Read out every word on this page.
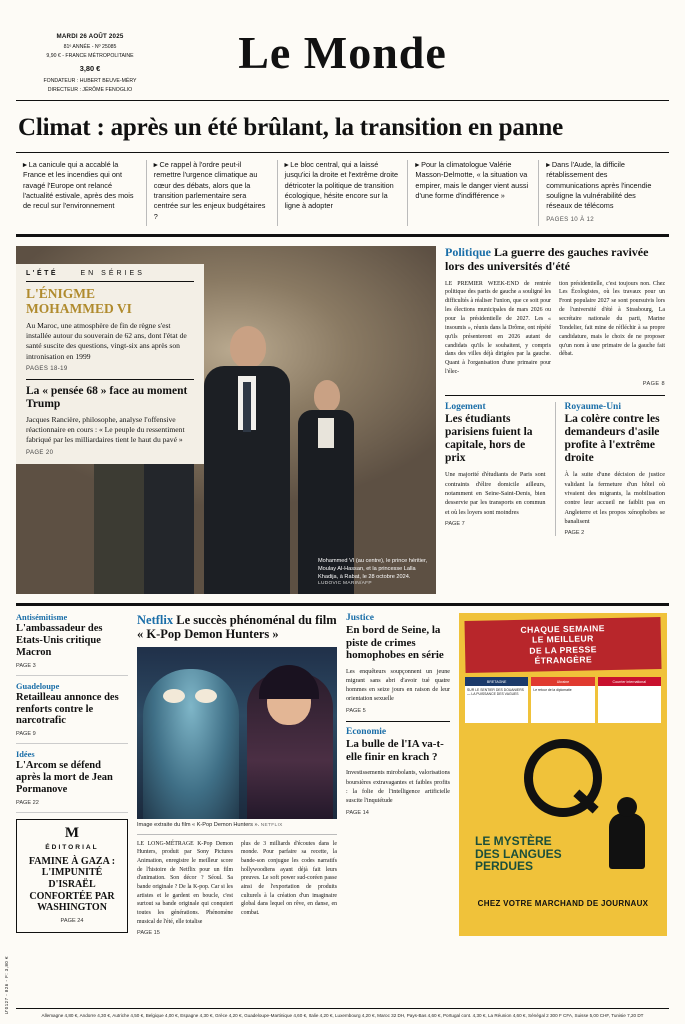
MARDI 26 AOÛT 2025
81ᵉ ANNÉE - Nº 25085
9,90 € - FRANCE MÉTROPOLITAINE
3,80 €
FONDATEUR : HUBERT BEUVE-MÉRY
DIRECTEUR : JÉRÔME FENOGLIO
Le Monde
Climat : après un été brûlant, la transition en panne
▸ La canicule qui a accablé la France et les incendies qui ont ravagé l'Europe ont relancé l'actualité estivale, après des mois de recul sur l'environnement
▸ Ce rappel à l'ordre peut-il remettre l'urgence climatique au cœur des débats, alors que la transition parlementaire sera centrée sur les enjeux budgétaires ?
▸ Le bloc central, qui a laissé jusqu'ici la droite et l'extrême droite détricoter la politique de transition écologique, hésite encore sur la ligne à adopter
▸ Pour la climatologue Valérie Masson-Delmotte, « la situation va empirer, mais le danger vient aussi d'une forme d'indifférence »
▸ Dans l'Aude, la difficile rétablissement des communications après l'incendie souligne la vulnérabilité des réseaux de télécoms
PAGES 10 À 12
L'ÉTÉ	EN SÉRIES
L'ÉNIGME
MOHAMMED VI
Au Maroc, une atmosphère de fin de règne s'est installée autour du souverain de 62 ans, dont l'état de santé suscite des questions, vingt-six ans après son intronisation en 1999
PAGES 18-19
La « pensée 68 » face au moment Trump
Jacques Rancière, philosophe, analyse l'offensive réactionnaire en cours : « Le peuple du ressentiment fabriqué par les milliardaires tient le haut du pavé »
PAGE 20
Mohammed VI (au centre), le prince héritier, Moulay Al-Hassan, et la princesse Lalla Khadija, à Rabat, le 28 octobre 2024.
LUDOVIC MARIN/AFP
Politique La guerre des gauches ravivée lors des universités d'été
LE PREMIER WEEK-END de rentrée politique des partis de gauche a souligné les difficultés à réaliser l'union, que ce soit pour les élections municipales de mars 2026 ou pour la présidentielle de 2027. Les « insoumis », réunis dans la Drôme, ont répété qu'ils présenteront en 2026 autant de candidats qu'ils le souhaitent, y compris dans des villes déjà dirigées par la gauche. Quant à l'organisation d'une primaire pour l'élec-
tion présidentielle, c'est toujours non. Chez Les Écologistes, où les travaux pour un Front populaire 2027 se sont poursuivis lors de l'université d'été à Strasbourg, La secrétaire nationale du parti, Marine Tondelier, fait mine de réfléchir à sa propre candidature, mais le choix de ne proposer qu'un nom à une primaire de la gauche fait débat.
PAGE 8
Logement
Les étudiants parisiens fuient la capitale, hors de prix

Une majorité d'étudiants de Paris sont contraints d'élire domicile ailleurs, notamment en Seine-Saint-Denis, bien desservie par les transports en commun et où les loyers sont moindres

PAGE 7
Royaume-Uni
La colère contre les demandeurs d'asile profite à l'extrême droite

À la suite d'une décision de justice validant la fermeture d'un hôtel où vivaient des migrants, la mobilisation contre leur accueil ne faiblit pas en Angleterre et les propos xénophobes se banalisent

PAGE 2
Antisémitisme
L'ambassadeur des Etats-Unis critique Macron
PAGE 3
Guadeloupe
Retailleau annonce des renforts contre le narcotrafic
PAGE 9
Idées
L'Arcom se défend après la mort de Jean Pormanove
PAGE 22
M
ÉDITORIAL
FAMINE À GAZA : L'IMPUNITÉ D'ISRAËL CONFORTÉE PAR WASHINGTON
PAGE 24
Netflix Le succès phénoménal du film « K-Pop Demon Hunters »
Image extraite du film « K-Pop Demon Hunters ». NETFLIX
LE LONG-MÉTRAGE K-Pop Demon Hunters, produit par Sony Pictures Animation, enregistre le meilleur score de l'histoire de Netflix pour un film d'animation. Son décor ? Séoul. Sa bande originale ? De la K-pop. Car si les artistes et le gardent en boucle, c'est surtout sa bande originale qui conquiert toutes les générations. Phénomène musical de l'été, elle totalise
plus de 3 milliards d'écoutes dans le monde. Pour parfaire sa recette, la bande-son conjugue les codes narratifs hollywoodiens ayant déjà fait leurs preuves. Le soft power sud-coréen passe ainsi de l'exportation de produits culturels à la création d'un imaginaire global dans lequel on rêve, en danse, en combat.
PAGE 15
Justice
En bord de Seine, la piste de crimes homophobes en série

Les enquêteurs soupçonnent un jeune migrant sans abri d'avoir tué quatre hommes en seize jours en raison de leur orientation sexuelle

PAGE 5
Economie
La bulle de l'IA va-t-elle finir en krach ?

Investissements mirobolants, valorisations boursières extravagantes et faibles profits : la folie de l'intelligence artificielle suscite l'inquiétude

PAGE 14
CHAQUE SEMAINE
LE MEILLEUR
DE LA PRESSE
ÉTRANGÈRE
BRETAGNE
SUR LE SENTIER DES DOUANIERS — LA PUISSANCE DES VAGUES
Ukraine
Le retour de la diplomatie
Courrier international
LE MYSTÈRE
DES LANGUES
PERDUES
CHEZ VOTRE MARCHAND DE JOURNAUX
U'0127 - 826 - F: 3,80 €
Allemagne 4,80 €, Andorre 4,30 €, Autriche 4,50 €, Belgique 4,00 €, Espagne 4,30 €, Grèce 4,20 €, Guadeloupe-Martinique 4,60 €, Italie 4,20 €, Luxembourg 4,20 €, Maroc 32 DH, Pays-Bas 4,60 €, Portugal cont. 4,30 €, La Réunion 4,60 €, Sénégal 2 300 F CFA, Suisse 5,00 CHF, Tunisie 7,20 DT
